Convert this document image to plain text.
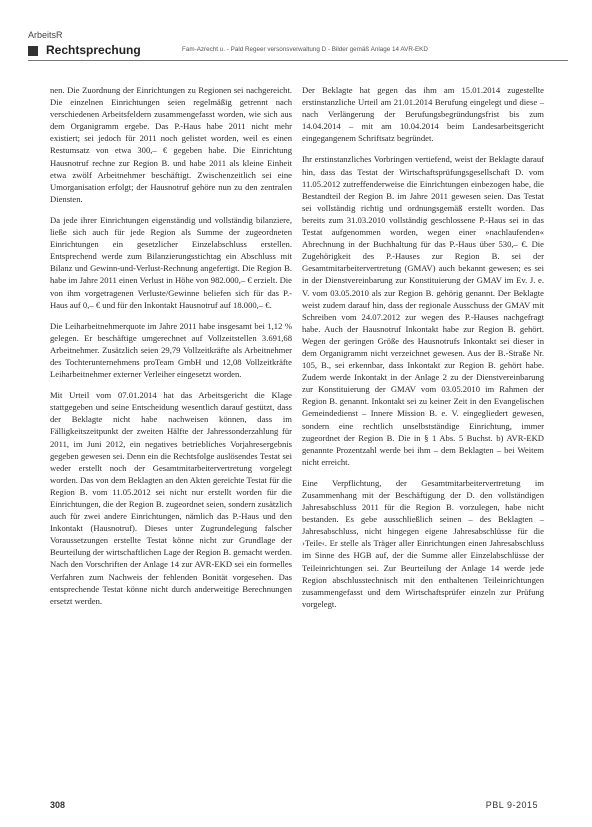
ArbeitsR
Rechtsprechung	Fam-Azrecht u. - Pald Regeer versonsverwaltung D - Bilder gemäß Anlage 14 AVR-EKD

nen. Die Zuordnung der Einrichtungen zu Regionen sei nachgereicht. Die einzelnen Einrichtungen seien regelmäßig getrennt nach verschiedenen Arbeitsfeldern zusammengefasst worden, wie sich aus dem Organigramm ergebe. Das P.-Haus habe 2011 nicht mehr existiert; sei jedoch für 2011 noch gelistet worden, weil es einen Restumsatz von etwa 300,– € gegeben habe. Die Einrichtung Hausnotruf rechne zur Region B. und habe 2011 als kleine Einheit etwa zwölf Arbeitnehmer beschäftigt. Zwischenzeitlich sei eine Umorganisation erfolgt; der Hausnotruf gehöre nun zu den zentralen Diensten.

Da jede ihrer Einrichtungen eigenständig und vollständig bilanziere, ließe sich auch für jede Region als Summe der zugeordneten Einrichtungen ein gesetzlicher Einzelabschluss erstellen. Entsprechend werde zum Bilanzierungsstichtag ein Abschluss mit Bilanz und Gewinn-und-Verlust-Rechnung angefertigt. Die Region B. habe im Jahre 2011 einen Verlust in Höhe von 982.000,– € erzielt. Die von ihm vorgetragenen Verluste/Gewinne beliefen sich für das P.-Haus auf 0,– € und für den Inkontakt Hausnotruf auf 18.000,– €.

Die Leiharbeitnehmerquote im Jahre 2011 habe insgesamt bei 1,12 % gelegen. Er beschäftige umgerechnet auf Vollzeitstellen 3.691,68 Arbeitnehmer. Zusätzlich seien 29,79 Vollzeitkräfte als Arbeitnehmer des Tochterunternehmens proTeam GmbH und 12,08 Vollzeitkräfte Leiharbeitnehmer externer Verleiher eingesetzt worden.

Mit Urteil vom 07.01.2014 hat das Arbeitsgericht die Klage stattgegeben und seine Entscheidung wesentlich darauf gestützt, dass der Beklagte nicht habe nachweisen können, dass im Fälligkeitszeitpunkt der zweiten Hälfte der Jahressonderzahlung für 2011, im Juni 2012, ein negatives betriebliches Vorjahresergebnis gegeben gewesen sei. Denn ein die Rechtsfolge auslösendes Testat sei weder erstellt noch der Gesamtmitarbeitervertretung vorgelegt worden. Das von dem Beklagten an den Akten gereichte Testat für die Region B. vom 11.05.2012 sei nicht nur erstellt worden für die Einrichtungen, die der Region B. zugeordnet seien, sondern zusätzlich auch für zwei andere Einrichtungen, nämlich das P.-Haus und den Inkontakt (Hausnotruf). Dieses unter Zugrundelegung falscher Voraussetzungen erstellte Testat könne nicht zur Grundlage der Beurteilung der wirtschaftlichen Lage der Region B. gemacht werden. Nach den Vorschriften der Anlage 14 zur AVR-EKD sei ein formelles Verfahren zum Nachweis der fehlenden Bonität vorgesehen. Das entsprechende Testat könne nicht durch anderweitige Berechnungen ersetzt werden.

Der Beklagte hat gegen das ihm am 15.01.2014 zugestellte erstinstanzliche Urteil am 21.01.2014 Berufung eingelegt und diese – nach Verlängerung der Berufungsbegründungsfrist bis zum 14.04.2014 – mit am 10.04.2014 beim Landesarbeitsgericht eingegangenem Schriftsatz begründet.

Ihr erstinstanzliches Vorbringen vertiefend, weist der Beklagte darauf hin, dass das Testat der Wirtschaftsprüfungsgesellschaft D. vom 11.05.2012 zutreffenderweise die Einrichtungen einbezogen habe, die Bestandteil der Region B. im Jahre 2011 gewesen seien. Das Testat sei vollständig richtig und ordnungsgemäß erstellt worden. Das bereits zum 31.03.2010 vollständig geschlossene P.-Haus sei in das Testat aufgenommen worden, wegen einer »nachlaufenden« Abrechnung in der Buchhaltung für das P.-Haus über 530,– €. Die Zugehörigkeit des P.-Hauses zur Region B. sei der Gesamtmitarbeitervertretung (GMAV) auch bekannt gewesen; es sei in der Dienstvereinbarung zur Konstituierung der GMAV im Ev. J. e. V. vom 03.05.2010 als zur Region B. gehörig genannt. Der Beklagte weist zudem darauf hin, dass der regionale Ausschuss der GMAV mit Schreiben vom 24.07.2012 zur wegen des P.-Hauses nachgefragt habe. Auch der Hausnotruf Inkontakt habe zur Region B. gehört. Wegen der geringen Größe des Hausnotrufs Inkontakt sei dieser in dem Organigramm nicht verzeichnet gewesen. Aus der B.-Straße Nr. 105, B., sei erkennbar, dass Inkontakt zur Region B. gehört habe. Zudem werde Inkontakt in der Anlage 2 zu der Dienstvereinbarung zur Konstituierung der GMAV vom 03.05.2010 im Rahmen der Region B. genannt. Inkontakt sei zu keiner Zeit in den Evangelischen Gemeindedienst – Innere Mission B. e. V. eingegliedert gewesen, sondern eine rechtlich unselbstständige Einrichtung, immer zugeordnet der Region B. Die in § 1 Abs. 5 Buchst. b) AVR-EKD genannte Prozentzahl werde bei ihm – dem Beklagten – bei Weitem nicht erreicht.

Eine Verpflichtung, der Gesamtmitarbeitervertretung im Zusammenhang mit der Beschäftigung der D. den vollständigen Jahresabschluss 2011 für die Region B. vorzulegen, habe nicht bestanden. Es gebe ausschließlich seinen – des Beklagten – Jahresabschluss, nicht hingegen eigene Jahresabschlüsse für die ›Teile‹. Er stelle als Träger aller Einrichtungen einen Jahresabschluss im Sinne des HGB auf, der die Summe aller Einzelabschlüsse der Teileinrichtungen sei. Zur Beurteilung der Anlage 14 werde jede Region abschlusstechnisch mit den enthaltenen Teileinrichtungen zusammengefasst und dem Wirtschaftsprüfer einzeln zur Prüfung vorgelegt.

308	PBL 9-2015
